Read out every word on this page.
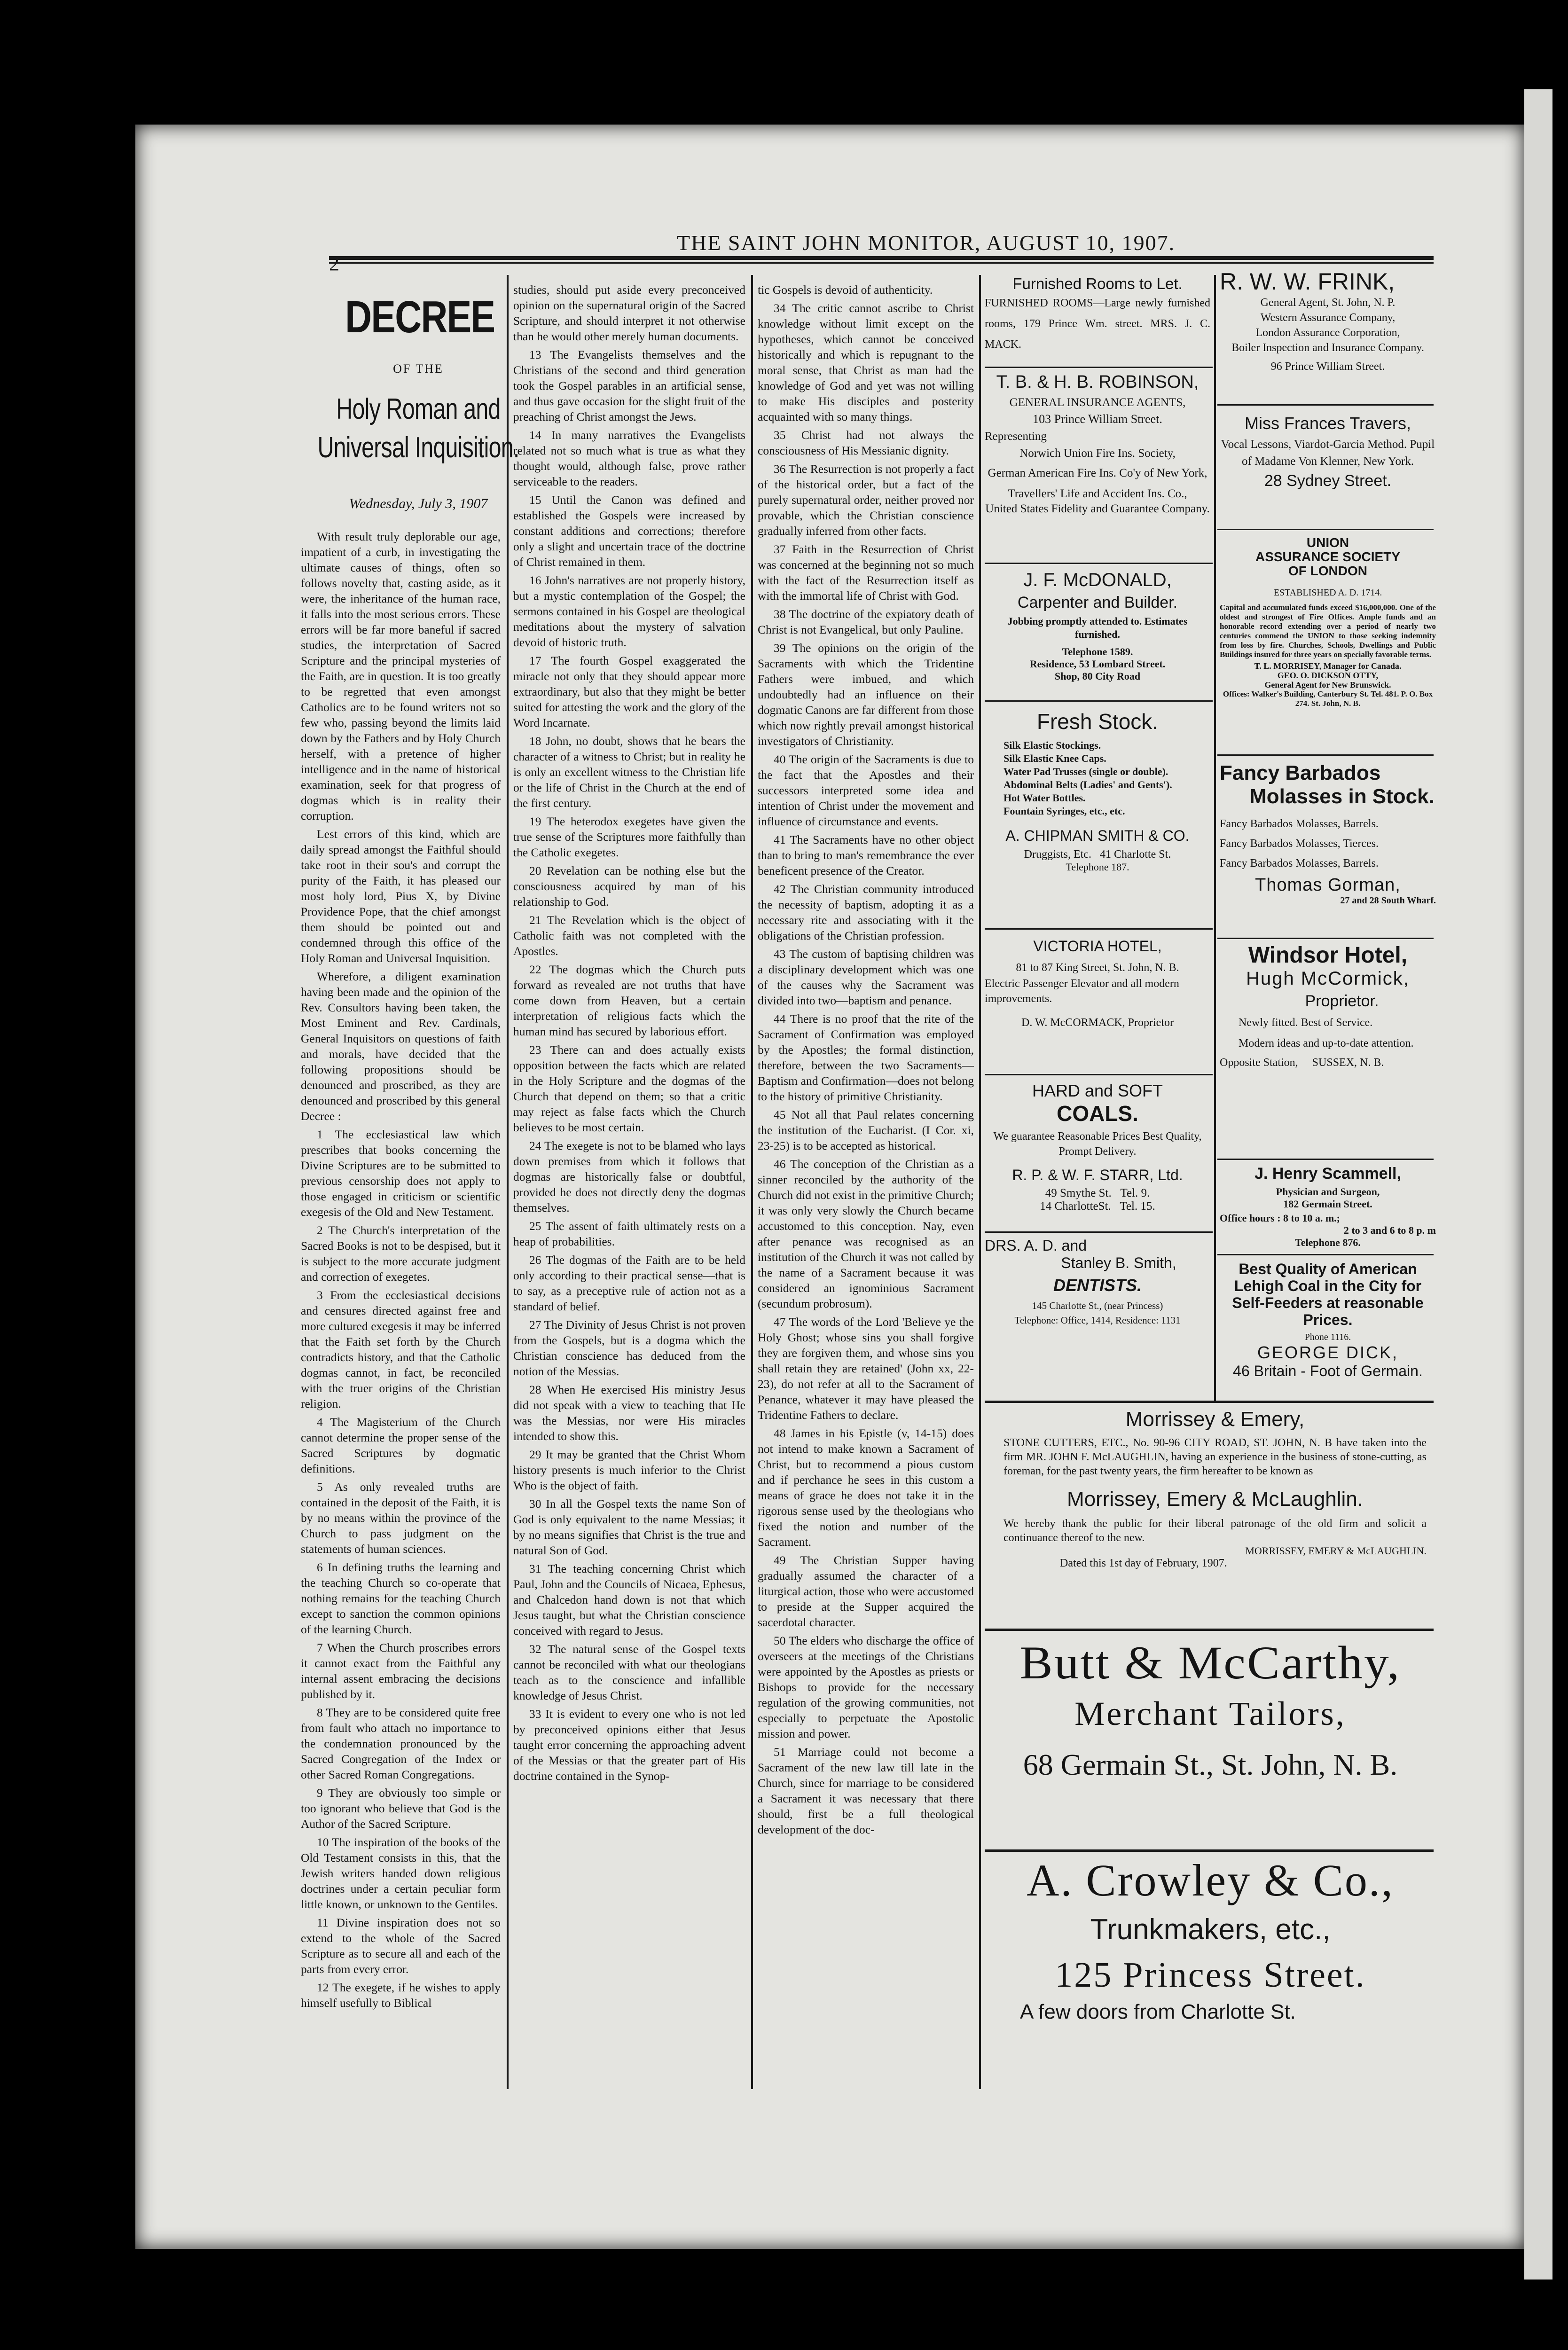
THE SAINT JOHN MONITOR, AUGUST 10, 1907.
DECREE
OF THE
Holy Roman and Universal Inquisition.
Wednesday, July 3, 1907

With result truly deplorable our age, impatient of a curb, in investigating the ultimate causes of things, often so follows novelty that, casting aside, as it were, the inheritance of the human race, it falls into the most serious errors. These errors will be far more baneful if sacred studies, the interpretation of Sacred Scripture and the principal mysteries of the Faith, are in question. It is too greatly to be regretted that even amongst Catholics are to be found writers not so few who, passing beyond the limits laid down by the Fathers and by Holy Church herself, with a pretence of higher intelligence and in the name of historical examination, seek for that progress of dogmas which is in reality their corruption.

Lest errors of this kind, which are daily spread amongst the Faithful should take root in their sou's and corrupt the purity of the Faith, it has pleased our most holy lord, Pius X, by Divine Providence Pope, that the chief amongst them should be pointed out and condemned through this office of the Holy Roman and Universal Inquisition.

Wherefore, a diligent examination having been made and the opinion of the Rev. Consultors having been taken, the Most Eminent and Rev. Cardinals, General Inquisitors on questions of faith and morals, have decided that the following propositions should be denounced and proscribed, as they are denounced and proscribed by this general Decree :

1 The ecclesiastical law which prescribes that books concerning the Divine Scriptures are to be submitted to previous censorship does not apply to those engaged in criticism or scientific exegesis of the Old and New Testament.

2 The Church's interpretation of the Sacred Books is not to be despised, but it is subject to the more accurate judgment and correction of exegetes.

3 From the ecclesiastical decisions and censures directed against free and more cultured exegesis it may be inferred that the Faith set forth by the Church contradicts history, and that the Catholic dogmas cannot, in fact, be reconciled with the truer origins of the Christian religion.

4 The Magisterium of the Church cannot determine the proper sense of the Sacred Scriptures by dogmatic definitions.

5 As only revealed truths are contained in the deposit of the Faith, it is by no means within the province of the Church to pass judgment on the statements of human sciences.

6 In defining truths the learning and the teaching Church so co-operate that nothing remains for the teaching Church except to sanction the common opinions of the learning Church.

7 When the Church proscribes errors it cannot exact from the Faithful any internal assent embracing the decisions published by it.

8 They are to be considered quite free from fault who attach no importance to the condemnation pronounced by the Sacred Congregation of the Index or other Sacred Roman Congregations.

9 They are obviously too simple or too ignorant who believe that God is the Author of the Sacred Scripture.

10 The inspiration of the books of the Old Testament consists in this, that the Jewish writers handed down religious doctrines under a certain peculiar form little known, or unknown to the Gentiles.

11 Divine inspiration does not so extend to the whole of the Sacred Scripture as to secure all and each of the parts from every error.

12 The exegete, if he wishes to apply himself usefully to Biblical

studies, should put aside every preconceived opinion on the supernatural origin of the Sacred Scripture, and should interpret it not otherwise than he would other merely human documents.

13 The Evangelists themselves and the Christians of the second and third generation took the Gospel parables in an artificial sense, and thus gave occasion for the slight fruit of the preaching of Christ amongst the Jews.

14 In many narratives the Evangelists related not so much what is true as what they thought would, although false, prove rather serviceable to the readers.

15 Until the Canon was defined and established the Gospels were increased by constant additions and corrections; therefore only a slight and uncertain trace of the doctrine of Christ remained in them.

16 John's narratives are not properly history, but a mystic contemplation of the Gospel; the sermons contained in his Gospel are theological meditations about the mystery of salvation devoid of historic truth.

17 The fourth Gospel exaggerated the miracle not only that they should appear more extraordinary, but also that they might be better suited for attesting the work and the glory of the Word Incarnate.

18 John, no doubt, shows that he bears the character of a witness to Christ; but in reality he is only an excellent witness to the Christian life or the life of Christ in the Church at the end of the first century.

19 The heterodox exegetes have given the true sense of the Scriptures more faithfully than the Catholic exegetes.

20 Revelation can be nothing else but the consciousness acquired by man of his relationship to God.

21 The Revelation which is the object of Catholic faith was not completed with the Apostles.

22 The dogmas which the Church puts forward as revealed are not truths that have come down from Heaven, but a certain interpretation of religious facts which the human mind has secured by laborious effort.

23 There can and does actually exists opposition between the facts which are related in the Holy Scripture and the dogmas of the Church that depend on them; so that a critic may reject as false facts which the Church believes to be most certain.

24 The exegete is not to be blamed who lays down premises from which it follows that dogmas are historically false or doubtful, provided he does not directly deny the dogmas themselves.

25 The assent of faith ultimately rests on a heap of probabilities.

26 The dogmas of the Faith are to be held only according to their practical sense—that is to say, as a preceptive rule of action not as a standard of belief.

27 The Divinity of Jesus Christ is not proven from the Gospels, but is a dogma which the Christian conscience has deduced from the notion of the Messias.

28 When He exercised His ministry Jesus did not speak with a view to teaching that He was the Messias, nor were His miracles intended to show this.

29 It may be granted that the Christ Whom history presents is much inferior to the Christ Who is the object of faith.

30 In all the Gospel texts the name Son of God is only equivalent to the name Messias; it by no means signifies that Christ is the true and natural Son of God.

31 The teaching concerning Christ which Paul, John and the Councils of Nicaea, Ephesus, and Chalcedon hand down is not that which Jesus taught, but what the Christian conscience conceived with regard to Jesus.

32 The natural sense of the Gospel texts cannot be reconciled with what our theologians teach as to the conscience and infallible knowledge of Jesus Christ.

33 It is evident to every one who is not led by preconceived opinions either that Jesus taught error concerning the approaching advent of the Messias or that the greater part of His doctrine contained in the Synop-

tic Gospels is devoid of authenticity.

34 The critic cannot ascribe to Christ knowledge without limit except on the hypotheses, which cannot be conceived historically and which is repugnant to the moral sense, that Christ as man had the knowledge of God and yet was not willing to make His disciples and posterity acquainted with so many things.

35 Christ had not always the consciousness of His Messianic dignity.

36 The Resurrection is not properly a fact of the historical order, but a fact of the purely supernatural order, neither proved nor provable, which the Christian conscience gradually inferred from other facts.

37 Faith in the Resurrection of Christ was concerned at the beginning not so much with the fact of the Resurrection itself as with the immortal life of Christ with God.

38 The doctrine of the expiatory death of Christ is not Evangelical, but only Pauline.

39 The opinions on the origin of the Sacraments with which the Tridentine Fathers were imbued, and which undoubtedly had an influence on their dogmatic Canons are far different from those which now rightly prevail amongst historical investigators of Christianity.

40 The origin of the Sacraments is due to the fact that the Apostles and their successors interpreted some idea and intention of Christ under the movement and influence of circumstance and events.

41 The Sacraments have no other object than to bring to man's remembrance the ever beneficent presence of the Creator.

42 The Christian community introduced the necessity of baptism, adopting it as a necessary rite and associating with it the obligations of the Christian profession.

43 The custom of baptising children was a disciplinary development which was one of the causes why the Sacrament was divided into two—baptism and penance.

44 There is no proof that the rite of the Sacrament of Confirmation was employed by the Apostles; the formal distinction, therefore, between the two Sacraments—Baptism and Confirmation—does not belong to the history of primitive Christianity.

45 Not all that Paul relates concerning the institution of the Eucharist. (I Cor. xi, 23-25) is to be accepted as historical.

46 The conception of the Christian as a sinner reconciled by the authority of the Church did not exist in the primitive Church; it was only very slowly the Church became accustomed to this conception. Nay, even after penance was recognised as an institution of the Church it was not called by the name of a Sacrament because it was considered an ignominious Sacrament (secundum probrosum).

47 The words of the Lord 'Believe ye the Holy Ghost; whose sins you shall forgive they are forgiven them, and whose sins you shall retain they are retained' (John xx, 22-23), do not refer at all to the Sacrament of Penance, whatever it may have pleased the Tridentine Fathers to declare.

48 James in his Epistle (v, 14-15) does not intend to make known a Sacrament of Christ, but to recommend a pious custom and if perchance he sees in this custom a means of grace he does not take it in the rigorous sense used by the theologians who fixed the notion and number of the Sacrament.

49 The Christian Supper having gradually assumed the character of a liturgical action, those who were accustomed to preside at the Supper acquired the sacerdotal character.

50 The elders who discharge the office of overseers at the meetings of the Christians were appointed by the Apostles as priests or Bishops to provide for the necessary regulation of the growing communities, not especially to perpetuate the Apostolic mission and power.

51 Marriage could not become a Sacrament of the new law till late in the Church, since for marriage to be considered a Sacrament it was necessary that there should, first be a full theological development of the doc-

Furnished Rooms to Let.
FURNISHED ROOMS—Large newly furnished rooms, 179 Prince Wm. street. MRS. J. C. MACK.
T. B. & H. B. ROBINSON,
GENERAL INSURANCE AGENTS,
103 Prince William Street.
Representing
Norwich Union Fire Ins. Society,
German American Fire Ins. Co'y of New York,
Travellers' Life and Accident Ins. Co.,
United States Fidelity and Guarantee Company.
J. F. McDONALD,
Carpenter and Builder.
Jobbing promptly attended to. Estimates furnished.
Telephone 1589.
Residence, 53 Lombard Street.
Shop, 80 City Road
Fresh Stock.
Silk Elastic Stockings.
Silk Elastic Knee Caps.
Water Pad Trusses (single or double).
Abdominal Belts (Ladies' and Gents').
Hot Water Bottles.
Fountain Syringes, etc., etc.
A. CHIPMAN SMITH & CO.
Druggists, Etc. 41 Charlotte St.
Telephone 187.
VICTORIA HOTEL,
81 to 87 King Street, St. John, N. B.
Electric Passenger Elevator and all modern improvements.
D. W. McCORMACK, Proprietor
HARD and SOFT
COALS.
We guarantee Reasonable Prices Best Quality, Prompt Delivery.
R. P. & W. F. STARR, Ltd.
49 Smythe St. Tel. 9.
14 CharlotteSt. Tel. 15.
DRS. A. D. and
Stanley B. Smith,
DENTISTS.
145 Charlotte St., (near Princess)
Telephone: Office, 1414, Residence: 1131
R. W. W. FRINK,
General Agent, St. John, N. P.
Western Assurance Company,
London Assurance Corporation,
Boiler Inspection and Insurance Company.
96 Prince William Street.
Miss Frances Travers,
Vocal Lessons, Viardot-Garcia Method. Pupil of Madame Von Klenner, New York.
28 Sydney Street.
UNION
ASSURANCE SOCIETY
OF LONDON
ESTABLISHED A. D. 1714.
Capital and accumulated funds exceed $16,000,000. One of the oldest and strongest of Fire Offices. Ample funds and an honorable record extending over a period of nearly two centuries commend the UNION to those seeking indemnity from loss by fire. Churches, Schools, Dwellings and Public Buildings insured for three years on specially favorable terms.
T. L. MORRISEY, Manager for Canada.
GEO. O. DICKSON OTTY,
General Agent for New Brunswick.
Offices: Walker's Building, Canterbury St. Tel. 481. P. O. Box 274. St. John, N. B.
Fancy Barbados
Molasses in Stock.
Fancy Barbados Molasses, Barrels.
Fancy Barbados Molasses, Tierces.
Fancy Barbados Molasses, Barrels.
Thomas Gorman,
27 and 28 South Wharf.
Windsor Hotel,
Hugh McCormick,
Proprietor.
Newly fitted. Best of Service.
Modern ideas and up-to-date attention.
Opposite Station, SUSSEX, N. B.
J. Henry Scammell,
Physician and Surgeon,
182 Germain Street.
Office hours : 8 to 10 a. m.;
2 to 3 and 6 to 8 p. m
Telephone 876.
Best Quality of American Lehigh Coal in the City for Self-Feeders at reasonable Prices.
Phone 1116.
GEORGE DICK,
46 Britain - Foot of Germain.
Morrissey & Emery,
STONE CUTTERS, ETC., No. 90-96 CITY ROAD, ST. JOHN, N. B have taken into the firm MR. JOHN F. McLAUGHLIN, having an experience in the business of stone-cutting, as foreman, for the past twenty years, the firm hereafter to be known as
Morrissey, Emery & McLaughlin.
We hereby thank the public for their liberal patronage of the old firm and solicit a continuance thereof to the new.
MORRISSEY, EMERY & McLAUGHLIN.
Dated this 1st day of February, 1907.
Butt & McCarthy,
Merchant Tailors,
68 Germain St., St. John, N. B.
A. Crowley & Co.,
Trunkmakers, etc.,
125 Princess Street.
A few doors from Charlotte St.
